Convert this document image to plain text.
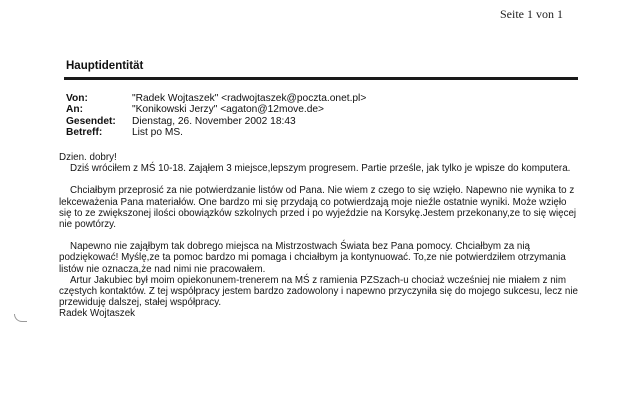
Seite 1 von 1
Hauptidentität
Von:	"Radek Wojtaszek" <radwojtaszek@poczta.onet.pl>
An:	"Konikowski Jerzy" <agaton@12move.de>
Gesendet:	Dienstag, 26. November 2002 18:43
Betreff:	List po MS.

Dzien. dobry!

Dziś wróciłem z MŚ 10-18. Zająłem 3 miejsce,lepszym progresem. Partie prześle, jak tylko je wpisze do komputera.

Chciałbym przeprosić za nie potwierdzanie listów od Pana. Nie wiem z czego to się wzięło. Napewno nie wynika to z lekceważenia Pana materiałów. One bardzo mi się przydają co potwierdzają moje nieźle ostatnie wyniki. Może wzięło się to ze zwiększonej ilości obowiązków szkolnych przed i po wyjeździe na Korsykę.Jestem przekonany,ze to się więcej nie powtórzy.

Napewno nie zająłbym tak dobrego miejsca na Mistrzostwach Świata bez Pana pomocy. Chciałbym za nią podziękować! Myślę,ze ta pomoc bardzo mi pomaga i chciałbym ja kontynuować. To,ze nie potwierdziłem otrzymania listów nie oznacza,że nad nimi nie pracowałem.

Artur Jakubiec był moim opiekonunem-trenerem na MŚ z ramienia PZSzach-u chociaż wcześniej nie miałem z nim częstych kontaktów. Z tej współpracy jestem bardzo zadowolony i napewno przyczyniła się do mojego sukcesu, lecz nie przewiduję dalszej, stałej współpracy.

Radek Wojtaszek
